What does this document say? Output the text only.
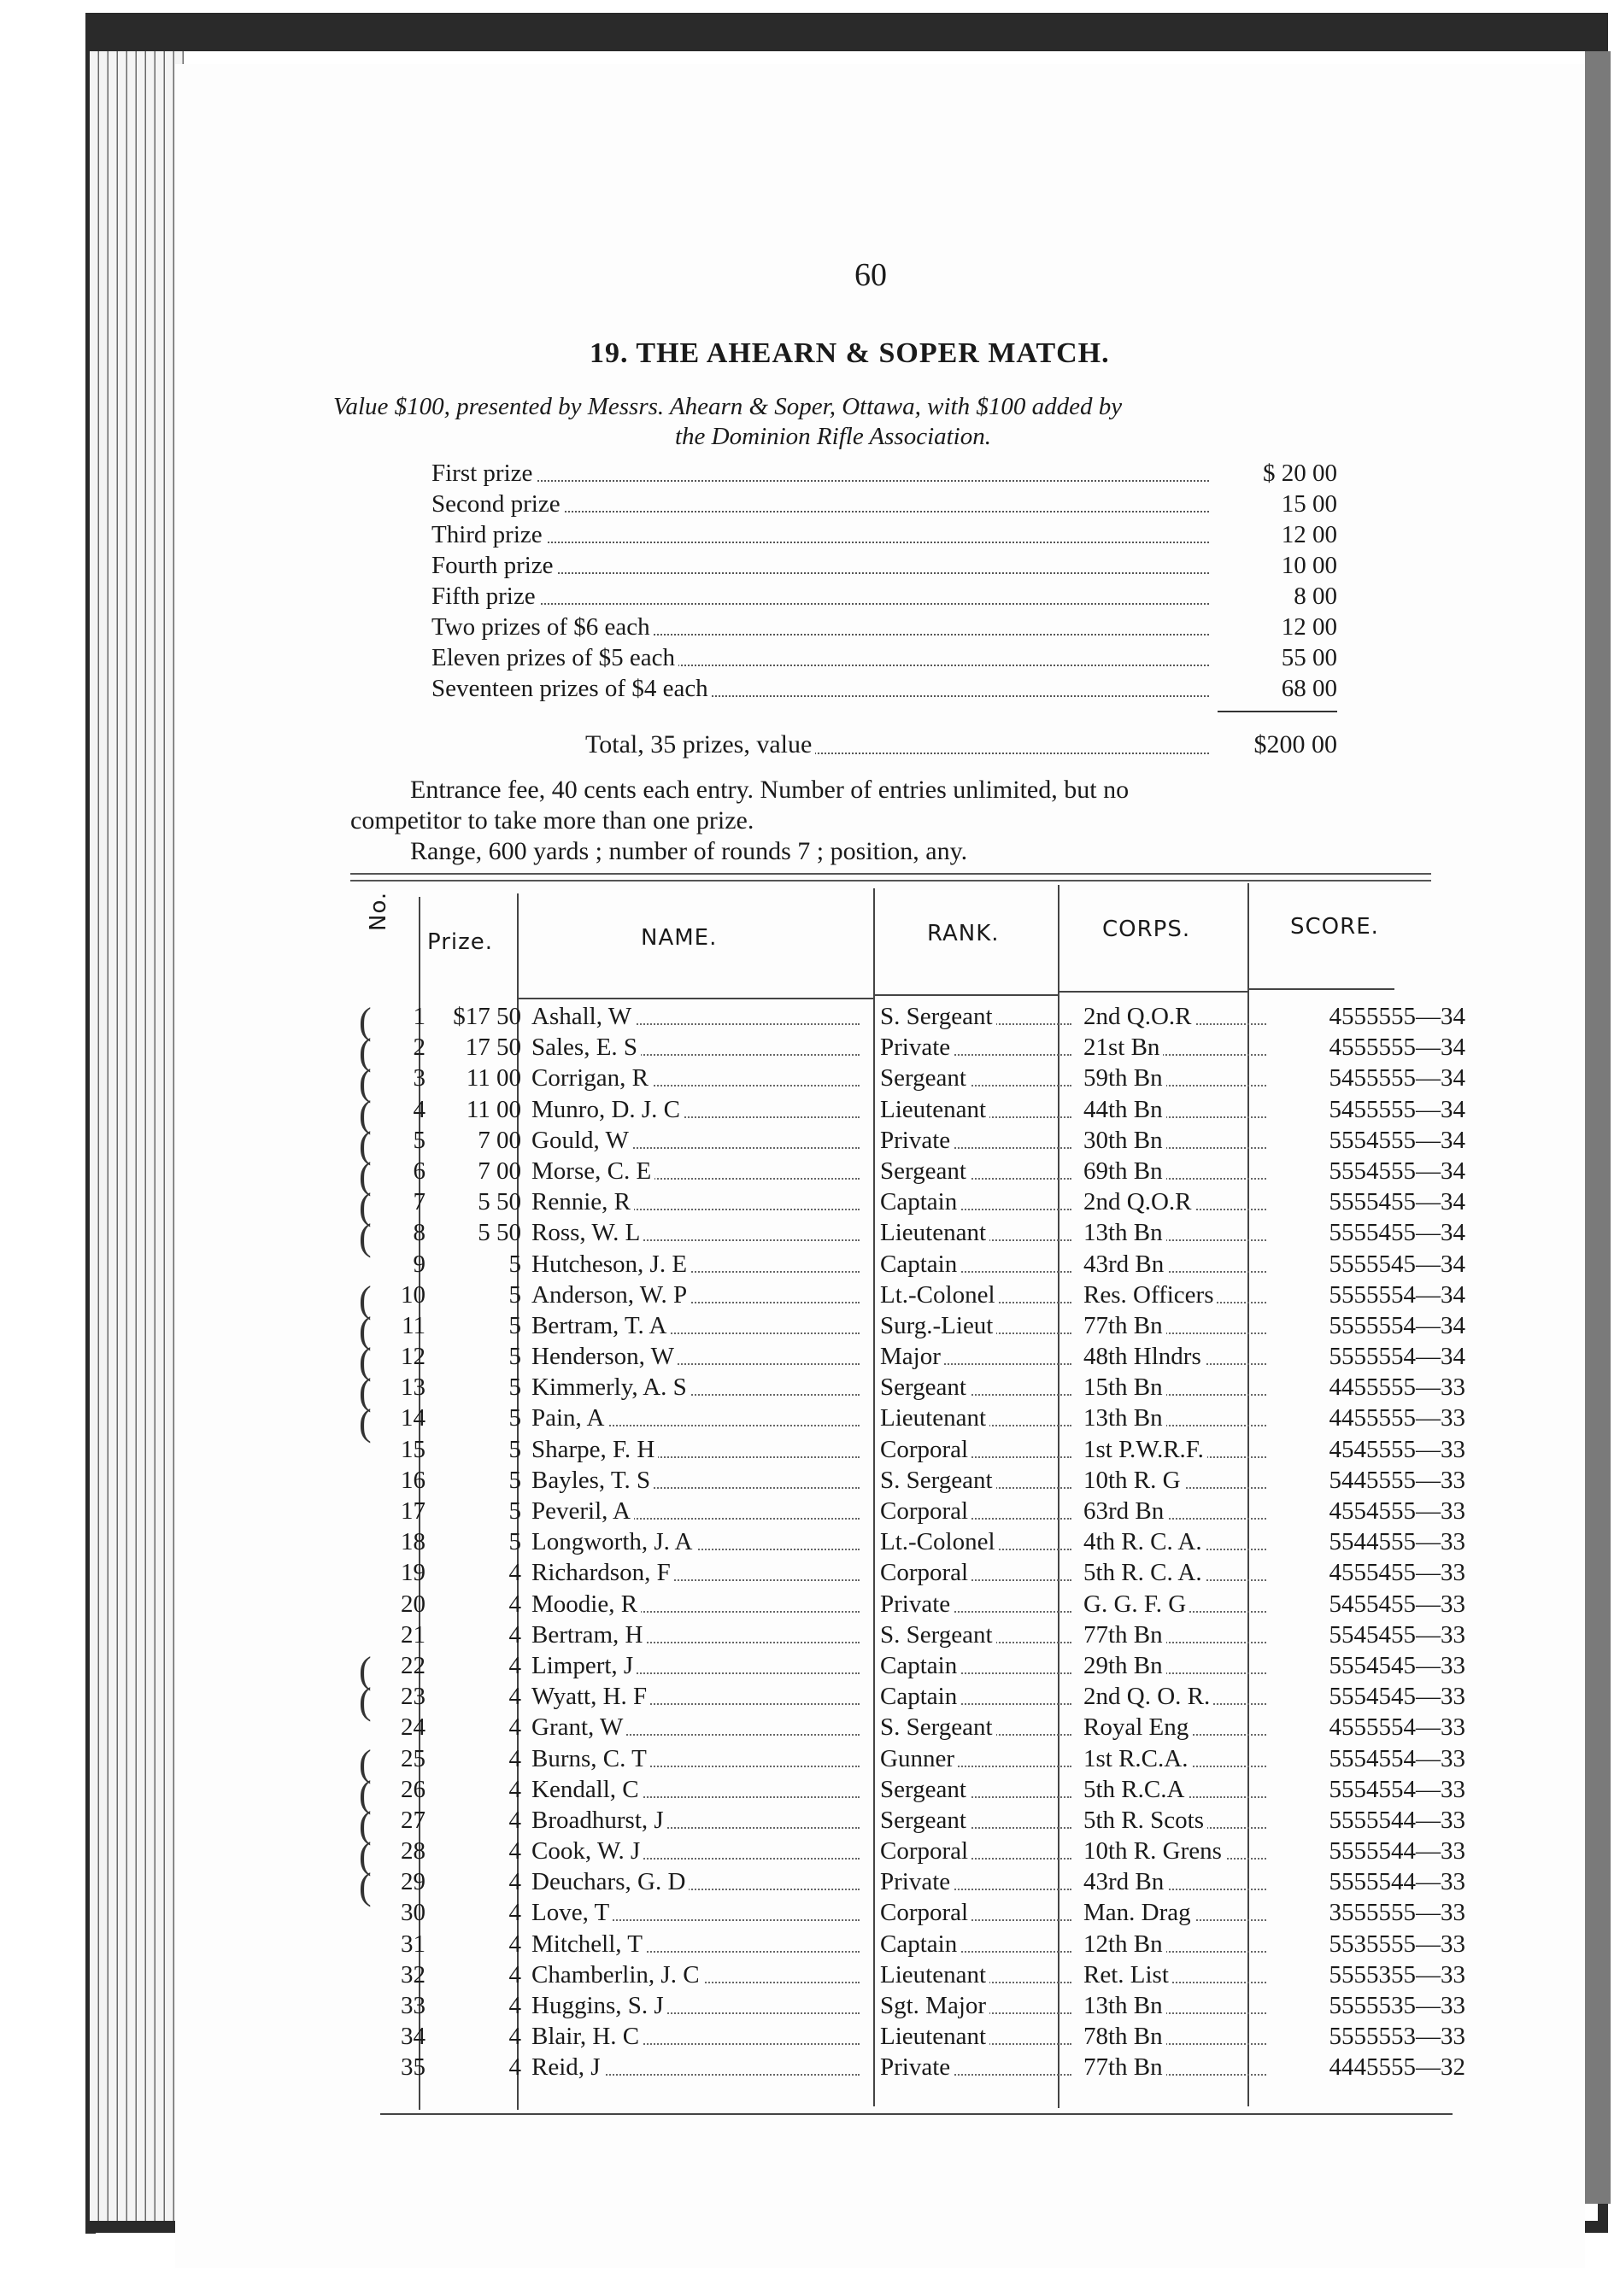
60
19. THE AHEARN & SOPER MATCH.
Value $100, presented by Messrs. Ahearn & Soper, Ottawa, with $100 added by
the Dominion Rifle Association.
First prize	$ 20 00
Second prize	15 00
Third prize	12 00
Fourth prize	10 00
Fifth prize	8 00
Two prizes of $6 each	12 00
Eleven prizes of $5 each	55 00
Seventeen prizes of $4 each	68 00
Total, 35 prizes, value	$200 00
Entrance fee, 40 cents each entry. Number of entries unlimited, but no
competitor to take more than one prize.
Range, 600 yards ; number of rounds 7 ; position, any.
No.
Prize.	NAME.	RANK.	CORPS.	SCORE.
(	1	$17 50 Ashall, W	S. Sergeant	2nd Q.O.R	4555555—34
(	2	17 50 Sales, E. S	Private	21st Bn	4555555—34
(	3	11 00 Corrigan, R	Sergeant	59th Bn	5455555—34
(	4	11 00 Munro, D. J. C	Lieutenant	44th Bn	5455555—34
(	5	7 00 Gould, W	Private	30th Bn	5554555—34
(	6	7 00 Morse, C. E	Sergeant	69th Bn	5554555—34
(	7	5 50 Rennie, R	Captain	2nd Q.O.R	5555455—34
(	8	5 50 Ross, W. L	Lieutenant	13th Bn	5555455—34
9	5 Hutcheson, J. E	Captain	43rd Bn	5555545—34
(	10	5 Anderson, W. P	Lt.-Colonel	Res. Officers	5555554—34
(	11	5 Bertram, T. A	Surg.-Lieut	77th Bn	5555554—34
(	12	5 Henderson, W	Major	48th Hlndrs	5555554—34
(	13	5 Kimmerly, A. S	Sergeant	15th Bn	4455555—33
(	14	5 Pain, A	Lieutenant	13th Bn	4455555—33
15	5 Sharpe, F. H	Corporal	1st P.W.R.F.	4545555—33
16	5 Bayles, T. S	S. Sergeant	10th R. G	5445555—33
17	5 Peveril, A	Corporal	63rd Bn	4554555—33
18	5 Longworth, J. A	Lt.-Colonel	4th R. C. A.	5544555—33
19	4 Richardson, F	Corporal	5th R. C. A.	4555455—33
20	4 Moodie, R	Private	G. G. F. G	5455455—33
21	4 Bertram, H	S. Sergeant	77th Bn	5545455—33
(	22	4 Limpert, J	Captain	29th Bn	5554545—33
(	23	4 Wyatt, H. F	Captain	2nd Q. O. R.	5554545—33
24	4 Grant, W	S. Sergeant	Royal Eng	4555554—33
(	25	4 Burns, C. T	Gunner	1st R.C.A.	5554554—33
(	26	4 Kendall, C	Sergeant	5th R.C.A	5554554—33
(	27	4 Broadhurst, J	Sergeant	5th R. Scots	5555544—33
(	28	4 Cook, W. J	Corporal	10th R. Grens	5555544—33
(	29	4 Deuchars, G. D	Private	43rd Bn	5555544—33
30	4 Love, T	Corporal	Man. Drag	3555555—33
31	4 Mitchell, T	Captain	12th Bn	5535555—33
32	4 Chamberlin, J. C	Lieutenant	Ret. List	5555355—33
33	4 Huggins, S. J	Sgt. Major	13th Bn	5555535—33
34	4 Blair, H. C	Lieutenant	78th Bn	5555553—33
35	4 Reid, J	Private	77th Bn	4445555—32
